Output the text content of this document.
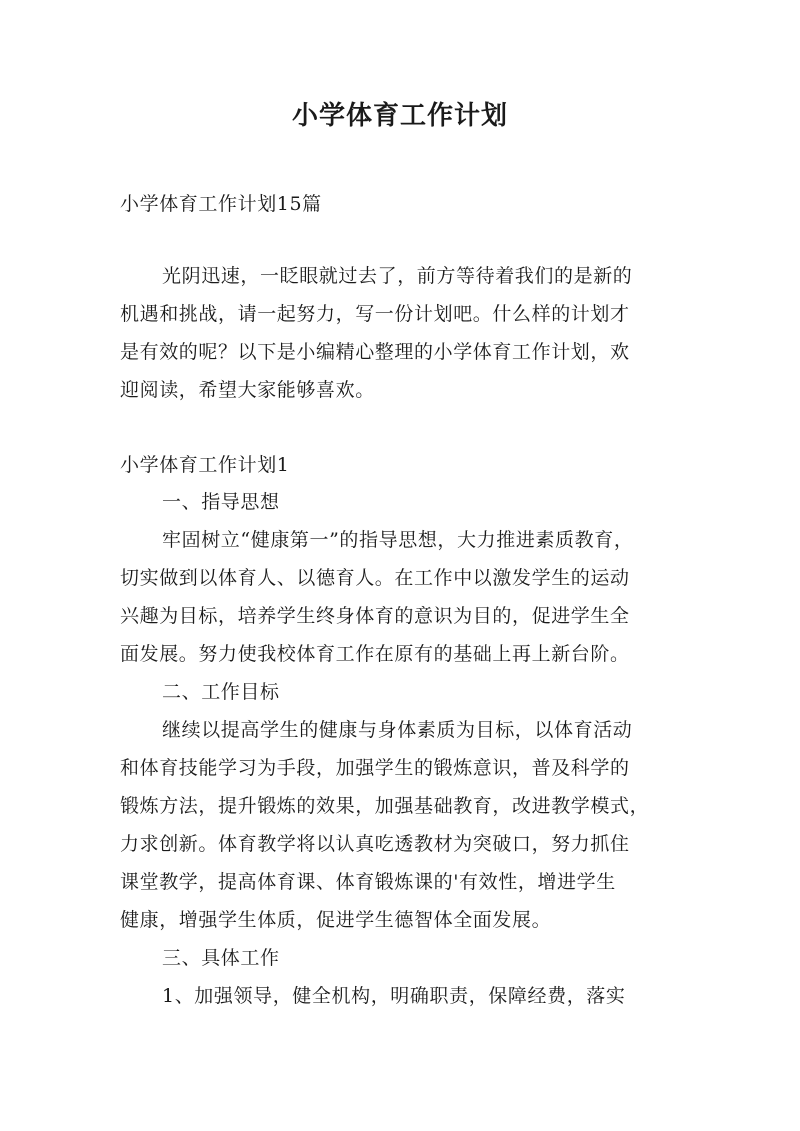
小学体育工作计划
小学体育工作计划15篇
光阴迅速，一眨眼就过去了，前方等待着我们的是新的
机遇和挑战，请一起努力，写一份计划吧。什么样的计划才
是有效的呢？以下是小编精心整理的小学体育工作计划，欢
迎阅读，希望大家能够喜欢。
小学体育工作计划1
一、指导思想
牢固树立“健康第一”的指导思想，大力推进素质教育，
切实做到以体育人、以德育人。在工作中以激发学生的运动
兴趣为目标，培养学生终身体育的意识为目的，促进学生全
面发展。努力使我校体育工作在原有的基础上再上新台阶。
二、工作目标
继续以提高学生的健康与身体素质为目标，以体育活动
和体育技能学习为手段，加强学生的锻炼意识，普及科学的
锻炼方法，提升锻炼的效果，加强基础教育，改进教学模式，
力求创新。体育教学将以认真吃透教材为突破口，努力抓住
课堂教学，提高体育课、体育锻炼课的'有效性，增进学生
健康，增强学生体质，促进学生德智体全面发展。
三、具体工作
1、加强领导，健全机构，明确职责，保障经费，落实
